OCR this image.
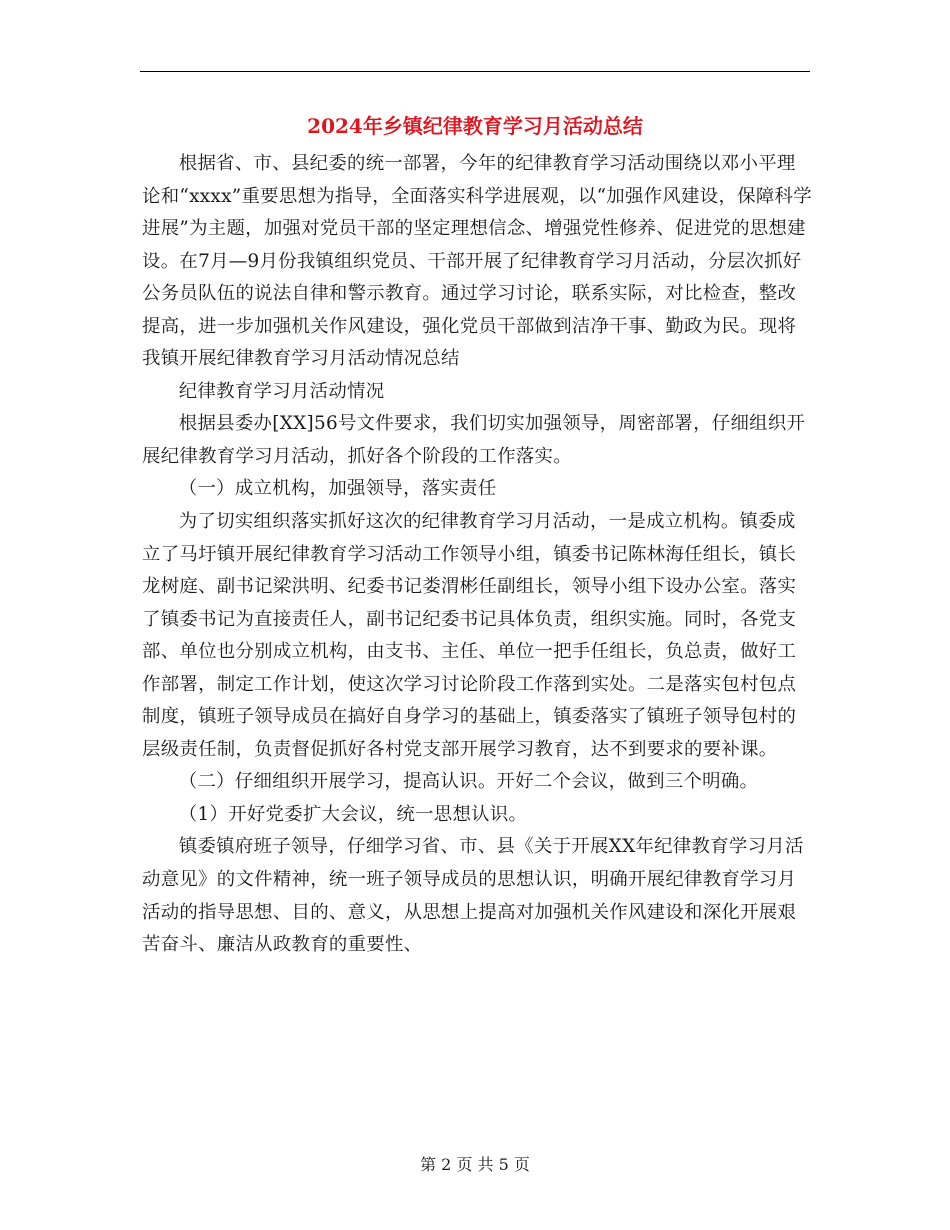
2024年乡镇纪律教育学习月活动总结

根据省、市、县纪委的统一部署，今年的纪律教育学习活动围绕以邓小平理论和“xxxx”重要思想为指导，全面落实科学进展观，以“加强作风建设，保障科学进展”为主题，加强对党员干部的坚定理想信念、增强党性修养、促进党的思想建设。在7月—9月份我镇组织党员、干部开展了纪律教育学习月活动，分层次抓好公务员队伍的说法自律和警示教育。通过学习讨论，联系实际，对比检查，整改提高，进一步加强机关作风建设，强化党员干部做到洁净干事、勤政为民。现将我镇开展纪律教育学习月活动情况总结

纪律教育学习月活动情况

根据县委办[XX]56号文件要求，我们切实加强领导，周密部署，仔细组织开展纪律教育学习月活动，抓好各个阶段的工作落实。

（一）成立机构，加强领导，落实责任

为了切实组织落实抓好这次的纪律教育学习月活动，一是成立机构。镇委成立了马圩镇开展纪律教育学习活动工作领导小组，镇委书记陈林海任组长，镇长龙树庭、副书记梁洪明、纪委书记娄渭彬任副组长，领导小组下设办公室。落实了镇委书记为直接责任人，副书记纪委书记具体负责，组织实施。同时，各党支部、单位也分别成立机构，由支书、主任、单位一把手任组长，负总责，做好工作部署，制定工作计划，使这次学习讨论阶段工作落到实处。二是落实包村包点制度，镇班子领导成员在搞好自身学习的基础上，镇委落实了镇班子领导包村的层级责任制，负责督促抓好各村党支部开展学习教育，达不到要求的要补课。

（二）仔细组织开展学习，提高认识。开好二个会议，做到三个明确。

（1）开好党委扩大会议，统一思想认识。

镇委镇府班子领导，仔细学习省、市、县《关于开展XX年纪律教育学习月活动意见》的文件精神，统一班子领导成员的思想认识，明确开展纪律教育学习月活动的指导思想、目的、意义，从思想上提高对加强机关作风建设和深化开展艰苦奋斗、廉洁从政教育的重要性、

第 2 页 共 5 页
